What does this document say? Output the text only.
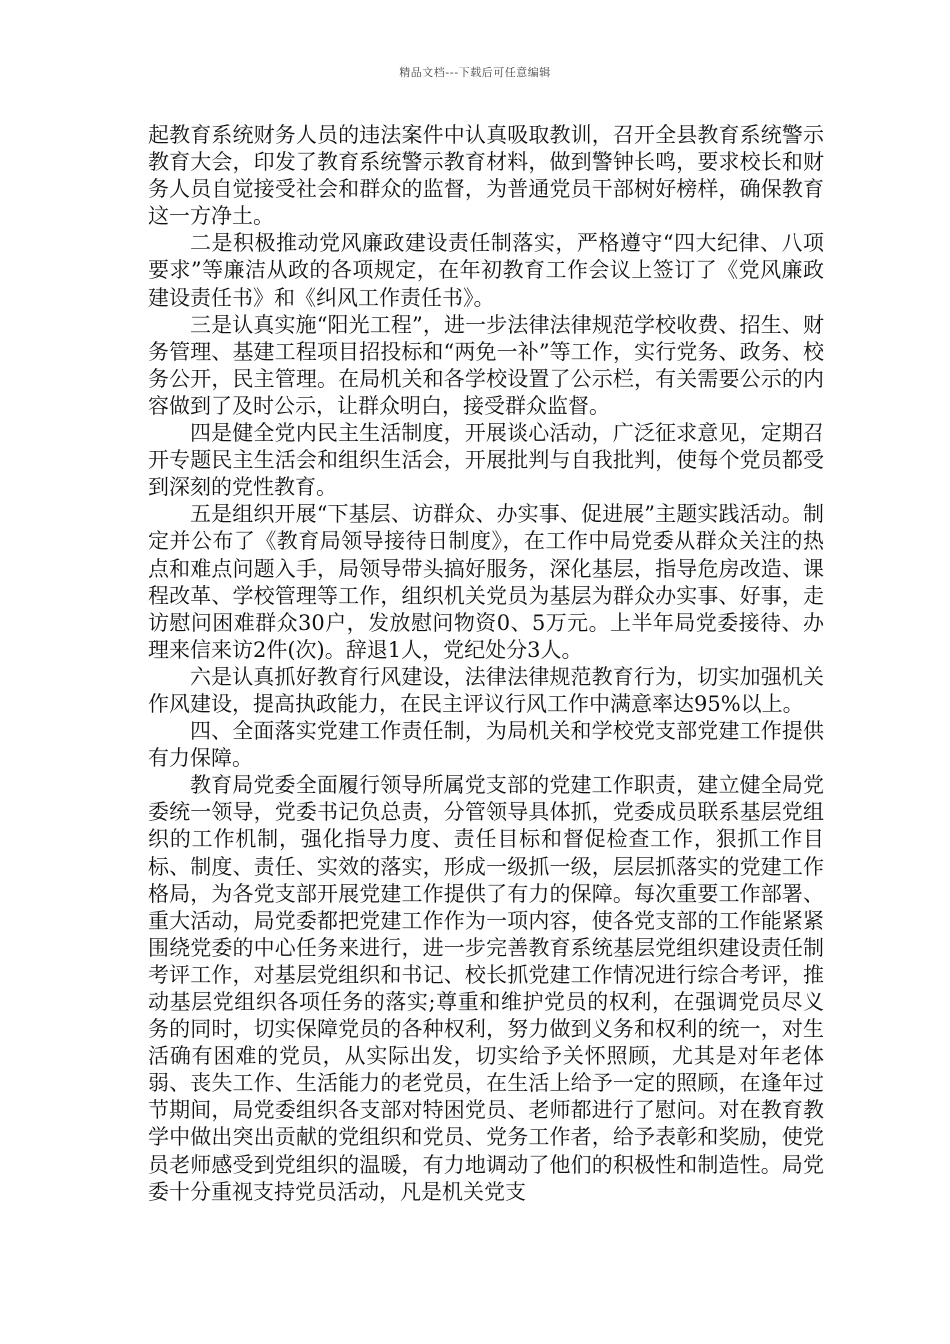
精品文档---下载后可任意编辑

起教育系统财务人员的违法案件中认真吸取教训，召开全县教育系统警示教育大会，印发了教育系统警示教育材料，做到警钟长鸣，要求校长和财务人员自觉接受社会和群众的监督，为普通党员干部树好榜样，确保教育这一方净土。

二是积极推动党风廉政建设责任制落实，严格遵守“四大纪律、八项要求”等廉洁从政的各项规定，在年初教育工作会议上签订了《党风廉政建设责任书》和《纠风工作责任书》。

三是认真实施“阳光工程”，进一步法律法律规范学校收费、招生、财务管理、基建工程项目招投标和“两免一补”等工作，实行党务、政务、校务公开，民主管理。在局机关和各学校设置了公示栏，有关需要公示的内容做到了及时公示，让群众明白，接受群众监督。

四是健全党内民主生活制度，开展谈心活动，广泛征求意见，定期召开专题民主生活会和组织生活会，开展批判与自我批判，使每个党员都受到深刻的党性教育。

五是组织开展“下基层、访群众、办实事、促进展”主题实践活动。制定并公布了《教育局领导接待日制度》，在工作中局党委从群众关注的热点和难点问题入手，局领导带头搞好服务，深化基层，指导危房改造、课程改革、学校管理等工作，组织机关党员为基层为群众办实事、好事，走访慰问困难群众30户，发放慰问物资0、5万元。上半年局党委接待、办理来信来访2件(次)。辞退1人，党纪处分3人。

六是认真抓好教育行风建设，法律法律规范教育行为，切实加强机关作风建设，提高执政能力，在民主评议行风工作中满意率达95%以上。

四、全面落实党建工作责任制，为局机关和学校党支部党建工作提供有力保障。

教育局党委全面履行领导所属党支部的党建工作职责，建立健全局党委统一领导，党委书记负总责，分管领导具体抓，党委成员联系基层党组织的工作机制，强化指导力度、责任目标和督促检查工作，狠抓工作目标、制度、责任、实效的落实，形成一级抓一级，层层抓落实的党建工作格局，为各党支部开展党建工作提供了有力的保障。每次重要工作部署、重大活动，局党委都把党建工作作为一项内容，使各党支部的工作能紧紧围绕党委的中心任务来进行，进一步完善教育系统基层党组织建设责任制考评工作，对基层党组织和书记、校长抓党建工作情况进行综合考评，推动基层党组织各项任务的落实;尊重和维护党员的权利，在强调党员尽义务的同时，切实保障党员的各种权利，努力做到义务和权利的统一，对生活确有困难的党员，从实际出发，切实给予关怀照顾，尤其是对年老体弱、丧失工作、生活能力的老党员，在生活上给予一定的照顾，在逢年过节期间，局党委组织各支部对特困党员、老师都进行了慰问。对在教育教学中做出突出贡献的党组织和党员、党务工作者，给予表彰和奖励，使党员老师感受到党组织的温暖，有力地调动了他们的积极性和制造性。局党委十分重视支持党员活动，凡是机关党支
